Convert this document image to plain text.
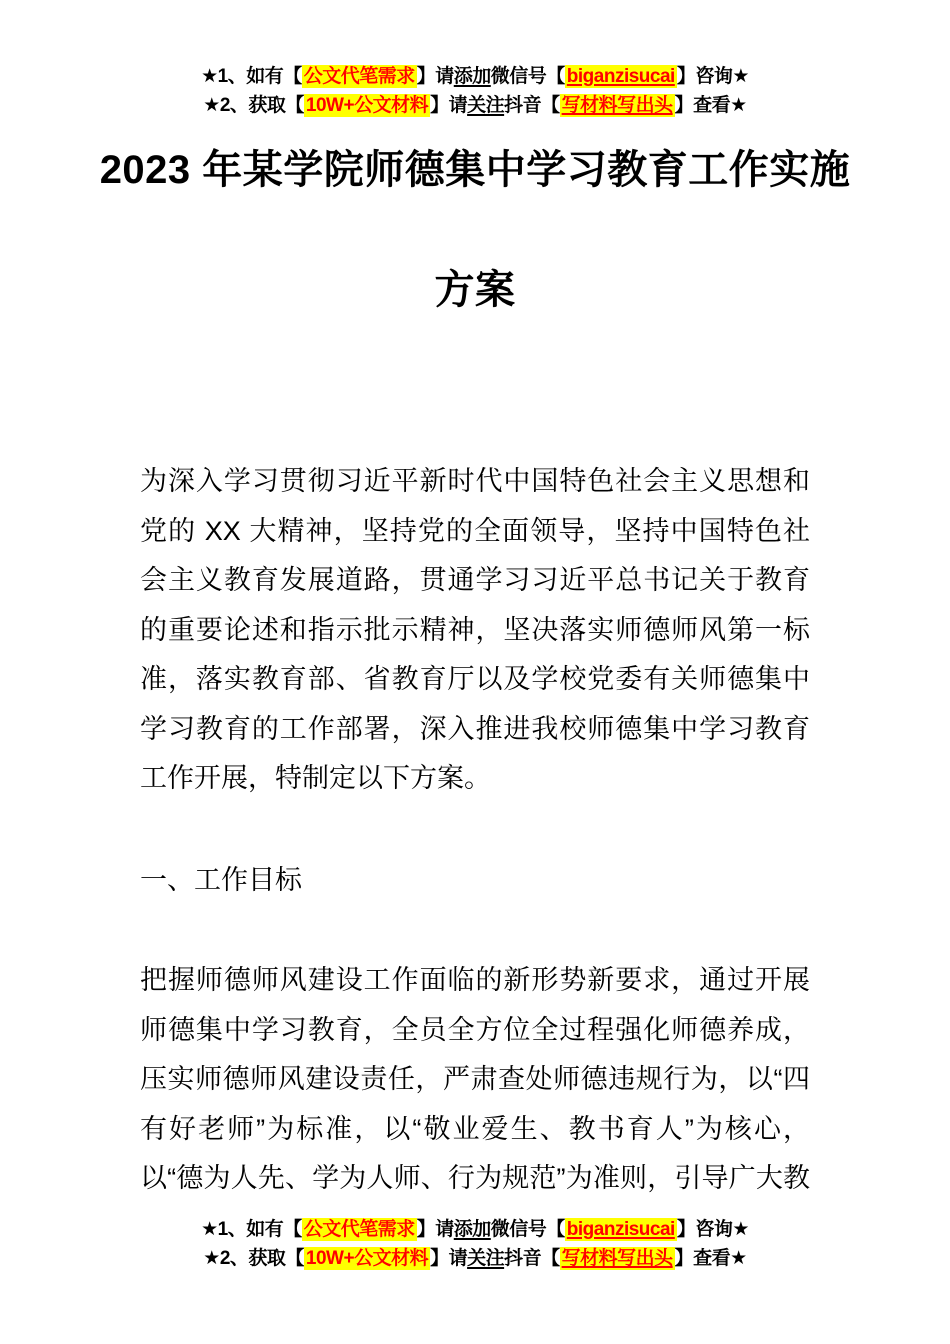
★1、如有【 公文代笔需求 】请添加微信号【 biganzisucai 】咨询★
★2、获取【 10W+公文材料 】请关注抖音【 写材料写出头 】查看★
2023 年某学院师德集中学习教育工作实施
方案

为深入学习贯彻习近平新时代中国特色社会主义思想和党的 XX 大精神，坚持党的全面领导，坚持中国特色社会主义教育发展道路，贯通学习习近平总书记关于教育的重要论述和指示批示精神，坚决落实师德师风第一标准，落实教育部、省教育厅以及学校党委有关师德集中学习教育的工作部署，深入推进我校师德集中学习教育工作开展，特制定以下方案。

一、工作目标

把握师德师风建设工作面临的新形势新要求，通过开展师德集中学习教育，全员全方位全过程强化师德养成，压实师德师风建设责任，严肃查处师德违规行为，以“四有好老师”为标准，以“敬业爱生、教书育人”为核心，以“德为人先、学为人师、行为规范”为准则，引导广大教

★1、如有【 公文代笔需求 】请添加微信号【 biganzisucai 】咨询★
★2、获取【 10W+公文材料 】请关注抖音【 写材料写出头 】查看★
